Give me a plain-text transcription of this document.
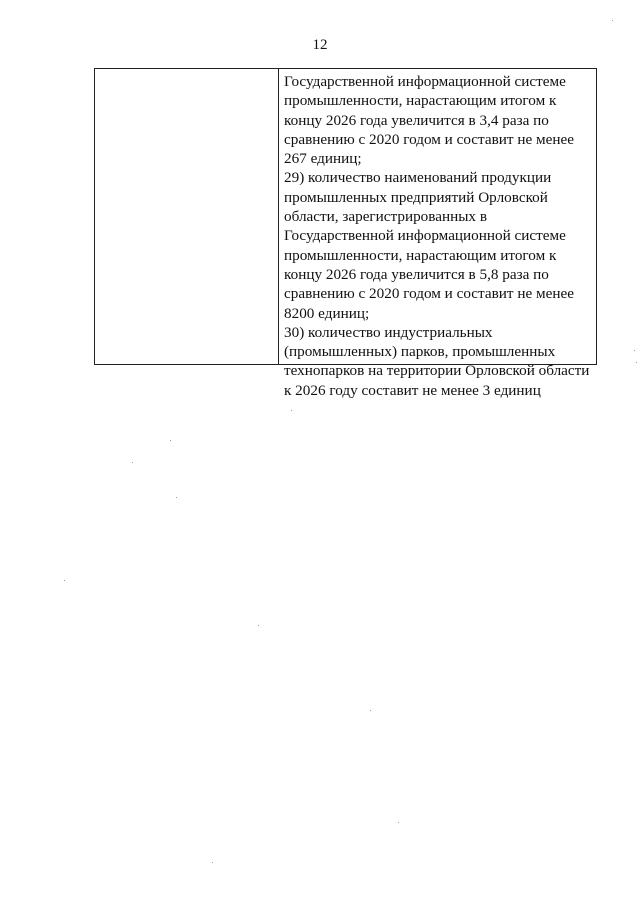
12

Государственной информационной системе

промышленности, нарастающим итогом к

концу 2026 года увеличится в 3,4 раза по

сравнению с 2020 годом и составит не менее

267 единиц;

29) количество наименований продукции

промышленных предприятий Орловской

области, зарегистрированных в

Государственной информационной системе

промышленности, нарастающим итогом к

концу 2026 года увеличится в 5,8 раза по

сравнению с 2020 годом и составит не менее

8200 единиц;

30) количество индустриальных

(промышленных) парков, промышленных

технопарков на территории Орловской области

к 2026 году составит не менее 3 единиц
